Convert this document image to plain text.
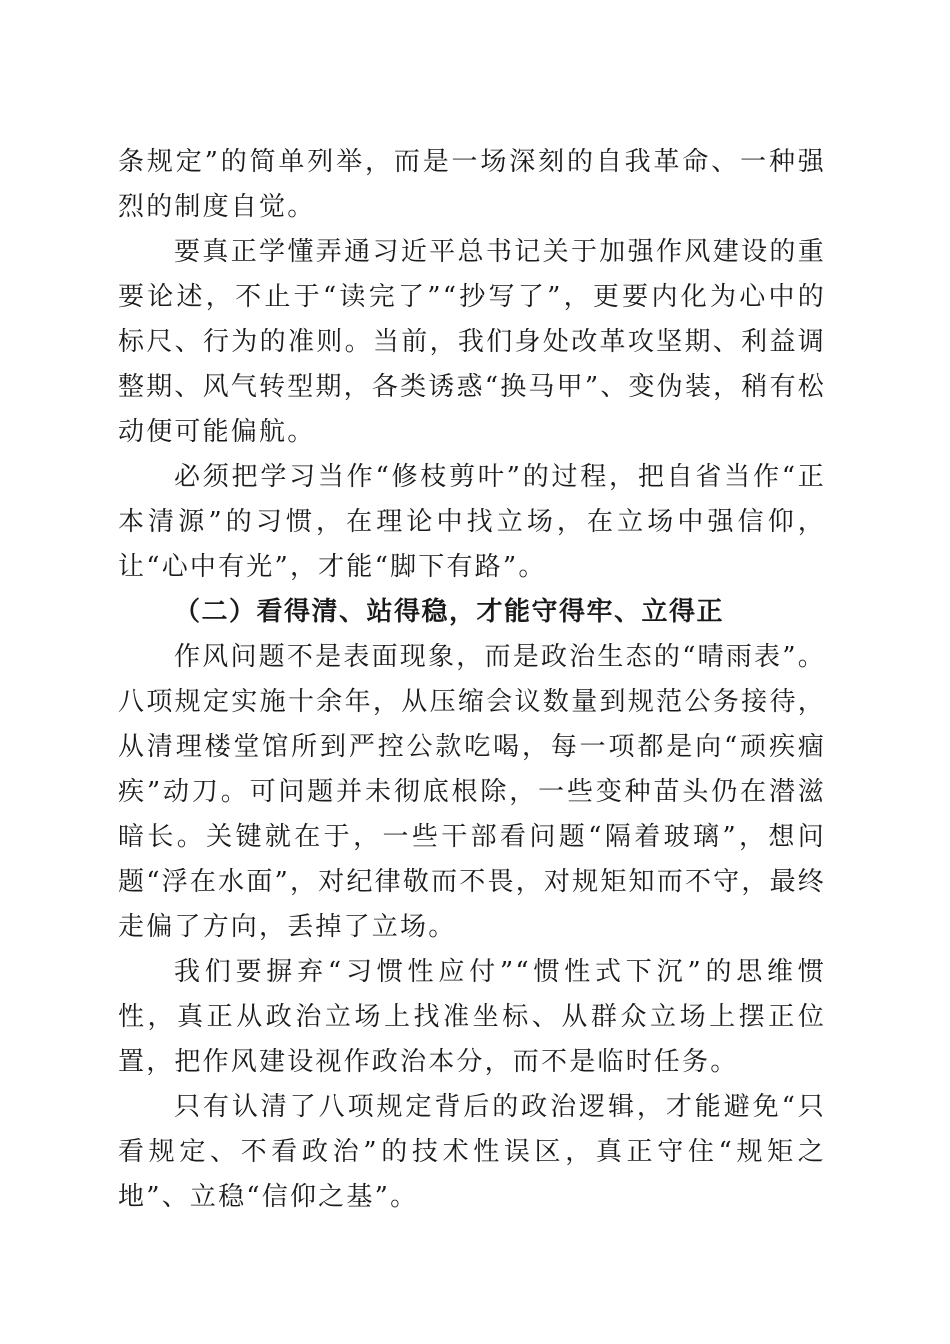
条规定”的简单列举，而是一场深刻的自我革命、一种强烈的制度自觉。

要真正学懂弄通习近平总书记关于加强作风建设的重要论述，不止于“读完了”“抄写了”，更要内化为心中的标尺、行为的准则。当前，我们身处改革攻坚期、利益调整期、风气转型期，各类诱惑“换马甲”、变伪装，稍有松动便可能偏航。

必须把学习当作“修枝剪叶”的过程，把自省当作“正本清源”的习惯，在理论中找立场，在立场中强信仰，让“心中有光”，才能“脚下有路”。

（二）看得清、站得稳，才能守得牢、立得正

作风问题不是表面现象，而是政治生态的“晴雨表”。八项规定实施十余年，从压缩会议数量到规范公务接待，从清理楼堂馆所到严控公款吃喝，每一项都是向“顽疾痼疾”动刀。可问题并未彻底根除，一些变种苗头仍在潜滋暗长。关键就在于，一些干部看问题“隔着玻璃”，想问题“浮在水面”，对纪律敬而不畏，对规矩知而不守，最终走偏了方向，丢掉了立场。

我们要摒弃“习惯性应付”“惯性式下沉”的思维惯性，真正从政治立场上找准坐标、从群众立场上摆正位置，把作风建设视作政治本分，而不是临时任务。

只有认清了八项规定背后的政治逻辑，才能避免“只看规定、不看政治”的技术性误区，真正守住“规矩之地”、立稳“信仰之基”。
